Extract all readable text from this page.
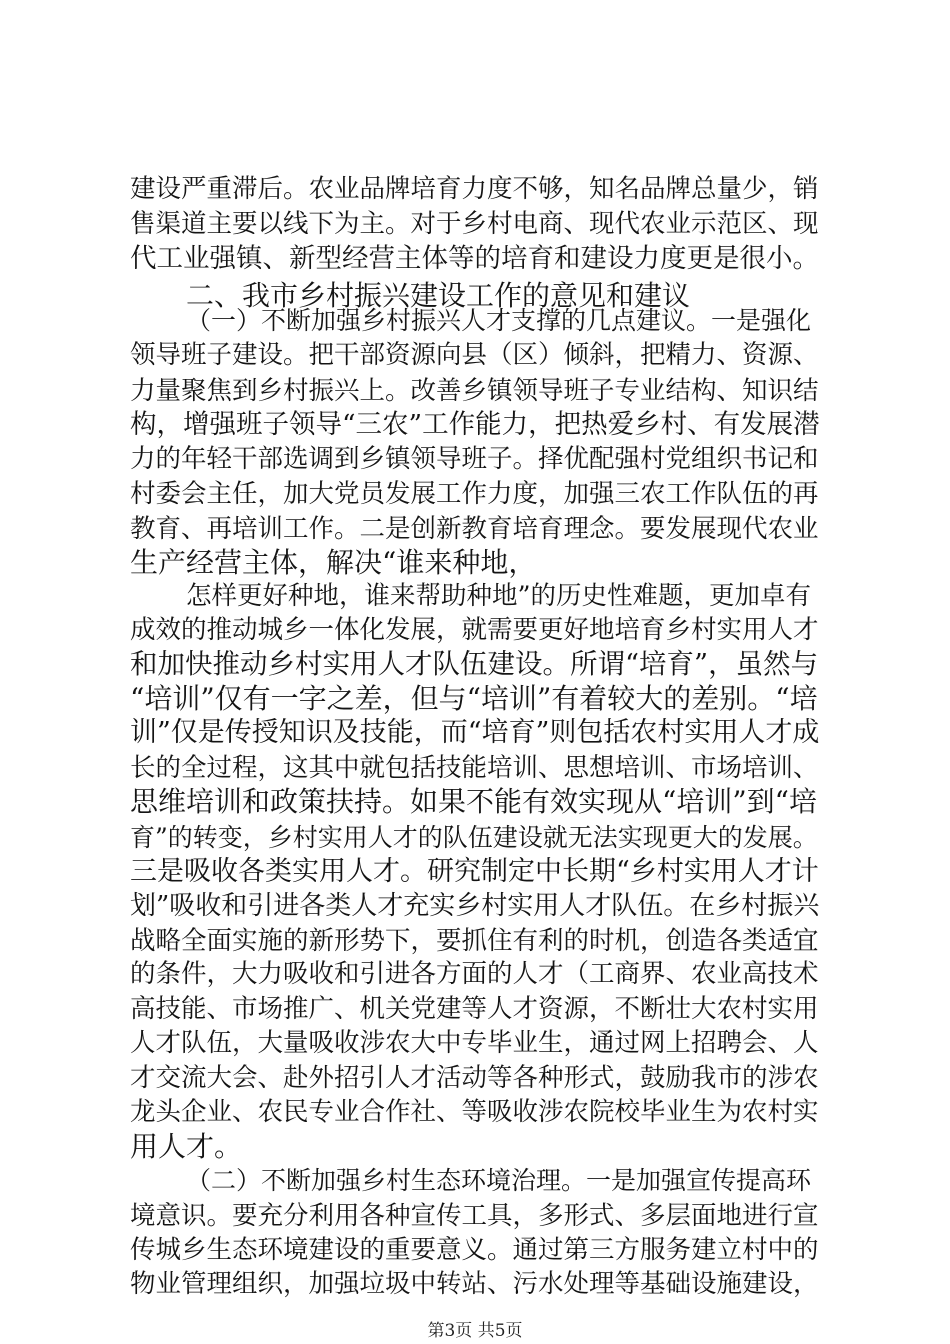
建设严重滞后。农业品牌培育力度不够，知名品牌总量少，销
售渠道主要以线下为主。对于乡村电商、现代农业示范区、现
代工业强镇、新型经营主体等的培育和建设力度更是很小。
二、我市乡村振兴建设工作的意见和建议
（一）不断加强乡村振兴人才支撑的几点建议。一是强化
领导班子建设。把干部资源向县（区）倾斜，把精力、资源、
力量聚焦到乡村振兴上。改善乡镇领导班子专业结构、知识结
构，增强班子领导“三农”工作能力，把热爱乡村、有发展潜
力的年轻干部选调到乡镇领导班子。择优配强村党组织书记和
村委会主任，加大党员发展工作力度，加强三农工作队伍的再
教育、再培训工作。二是创新教育培育理念。要发展现代农业
生产经营主体，解决“谁来种地，
怎样更好种地，谁来帮助种地”的历史性难题，更加卓有
成效的推动城乡一体化发展，就需要更好地培育乡村实用人才
和加快推动乡村实用人才队伍建设。所谓“培育”，虽然与
“培训”仅有一字之差，但与“培训”有着较大的差别。“培
训”仅是传授知识及技能，而“培育”则包括农村实用人才成
长的全过程，这其中就包括技能培训、思想培训、市场培训、
思维培训和政策扶持。如果不能有效实现从“培训”到“培
育”的转变，乡村实用人才的队伍建设就无法实现更大的发展。
三是吸收各类实用人才。研究制定中长期“乡村实用人才计
划”吸收和引进各类人才充实乡村实用人才队伍。在乡村振兴
战略全面实施的新形势下，要抓住有利的时机，创造各类适宜
的条件，大力吸收和引进各方面的人才（工商界、农业高技术
高技能、市场推广、机关党建等人才资源，不断壮大农村实用
人才队伍，大量吸收涉农大中专毕业生，通过网上招聘会、人
才交流大会、赴外招引人才活动等各种形式，鼓励我市的涉农
龙头企业、农民专业合作社、等吸收涉农院校毕业生为农村实
用人才。
（二）不断加强乡村生态环境治理。一是加强宣传提高环
境意识。要充分利用各种宣传工具，多形式、多层面地进行宣
传城乡生态环境建设的重要意义。通过第三方服务建立村中的
物业管理组织，加强垃圾中转站、污水处理等基础设施建设，
第3页 共5页
